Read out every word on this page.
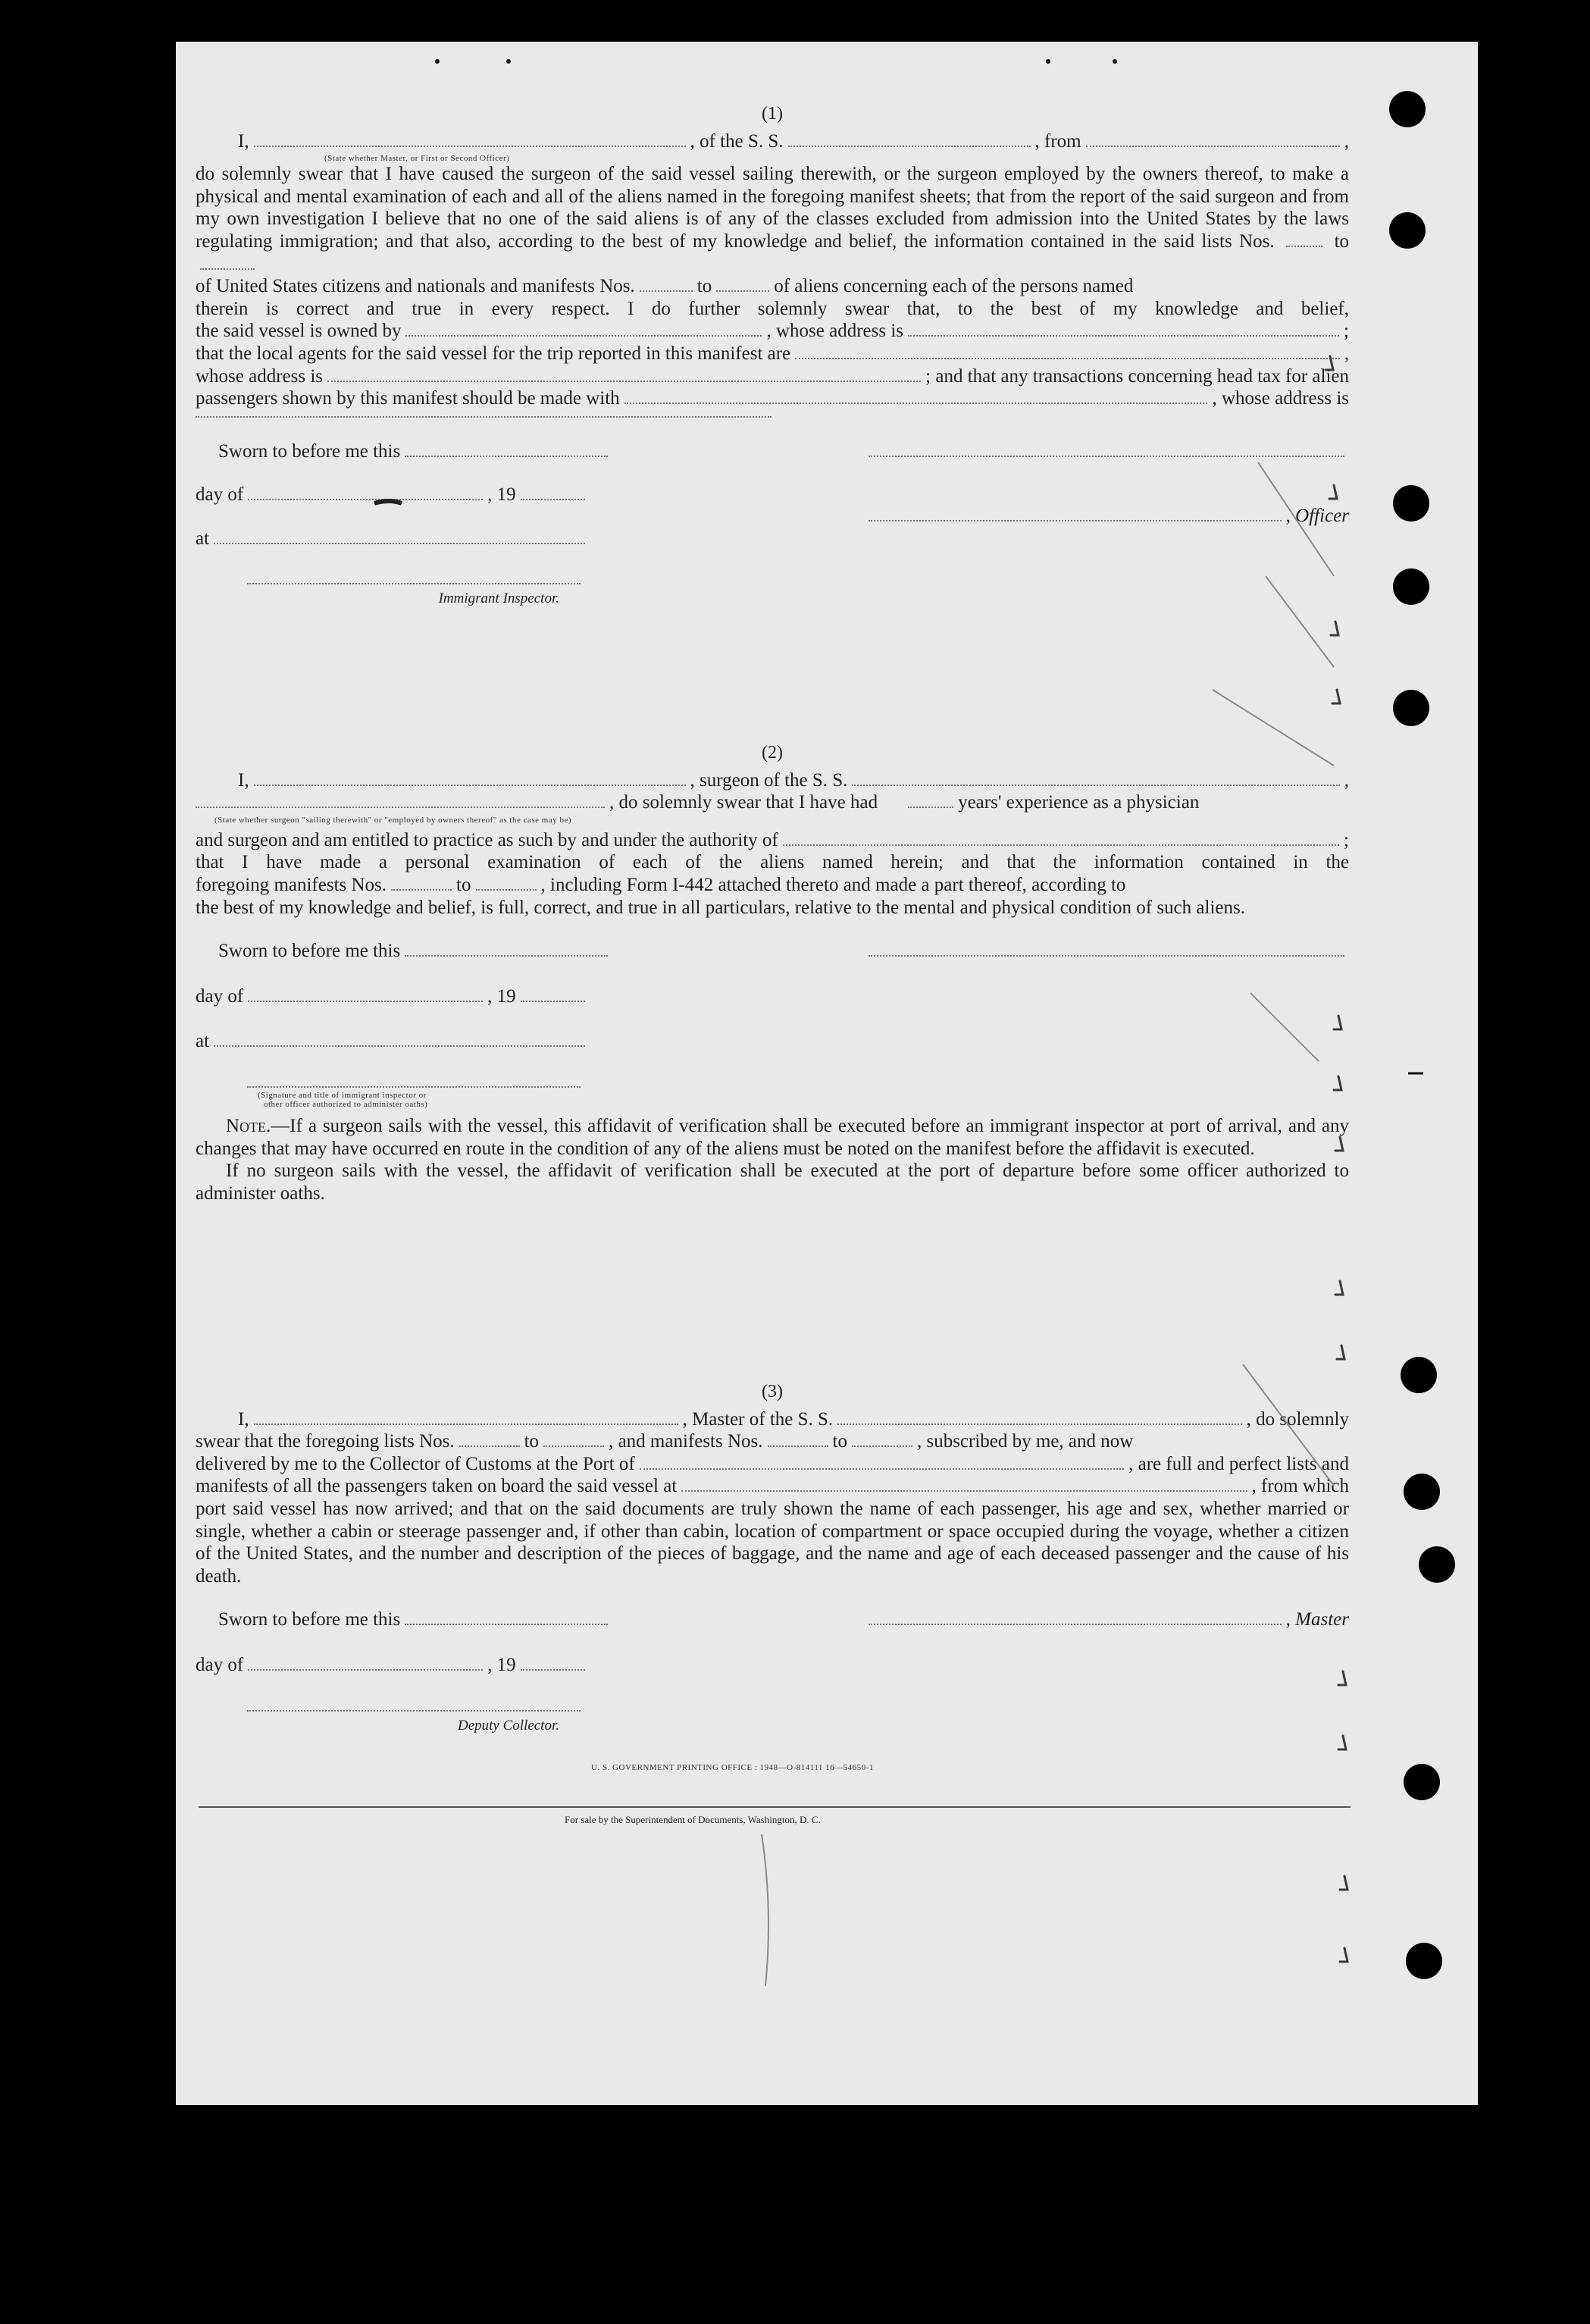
(1)
I,	, of the S. S.	, from	,
(State whether Master, or First or Second Officer)
do solemnly swear that I have caused the surgeon of the said vessel sailing therewith, or the surgeon employed by the owners thereof, to make a physical and mental examination of each and all of the aliens named in the foregoing manifest sheets; that from the report of the said surgeon and from my own investigation I believe that no one of the said aliens is of any of the classes excluded from admission into the United States by the laws regulating immigration; and that also, according to the best of my knowledge and belief, the information contained in the said lists Nos.	to
of United States citizens and nationals and manifests Nos.	to	of aliens concerning each of the persons named
therein is correct and true in every respect. I do further solemnly swear that, to the best of my knowledge and belief,
the said vessel is owned by	, whose address is	;
that the local agents for the said vessel for the trip reported in this manifest are	,
whose address is	; and that any transactions concerning head tax for alien
passengers shown by this manifest should be made with	, whose address is
Sworn to before me this
day of	, 19
, Officer
at
Immigrant Inspector.
(2)
I,	, surgeon of the S. S.	,
, do solemnly swear that I have had	years' experience as a physician
(State whether surgeon "sailing therewith" or "employed by owners thereof" as the case may be)
and surgeon and am entitled to practice as such by and under the authority of	;
that I have made a personal examination of each of the aliens named herein; and that the information contained in the
foregoing manifests Nos.	to	, including Form I-442 attached thereto and made a part thereof, according to
the best of my knowledge and belief, is full, correct, and true in all particulars, relative to the mental and physical condition of such aliens.
Sworn to before me this
day of	, 19
at
(Signature and title of immigrant inspector or
other officer authorized to administer oaths)
Note.—If a surgeon sails with the vessel, this affidavit of verification shall be executed before an immigrant inspector at port of arrival, and any changes that may have occurred en route in the condition of any of the aliens must be noted on the manifest before the affidavit is executed.
If no surgeon sails with the vessel, the affidavit of verification shall be executed at the port of departure before some officer authorized to administer oaths.
(3)
I,	, Master of the S. S.	, do solemnly
swear that the foregoing lists Nos.	to	, and manifests Nos.	to	, subscribed by me, and now
delivered by me to the Collector of Customs at the Port of	, are full and perfect lists and
manifests of all the passengers taken on board the said vessel at	, from which
port said vessel has now arrived; and that on the said documents are truly shown the name of each passenger, his age and sex, whether married or single, whether a cabin or steerage passenger and, if other than cabin, location of compartment or space occupied during the voyage, whether a citizen of the United States, and the number and description of the pieces of baggage, and the name and age of each deceased passenger and the cause of his death.
Sworn to before me this	, Master
day of	, 19
Deputy Collector.
U. S. GOVERNMENT PRINTING OFFICE : 1948—O-814111 16—54650-1
For sale by the Superintendent of Documents, Washington, D. C.
